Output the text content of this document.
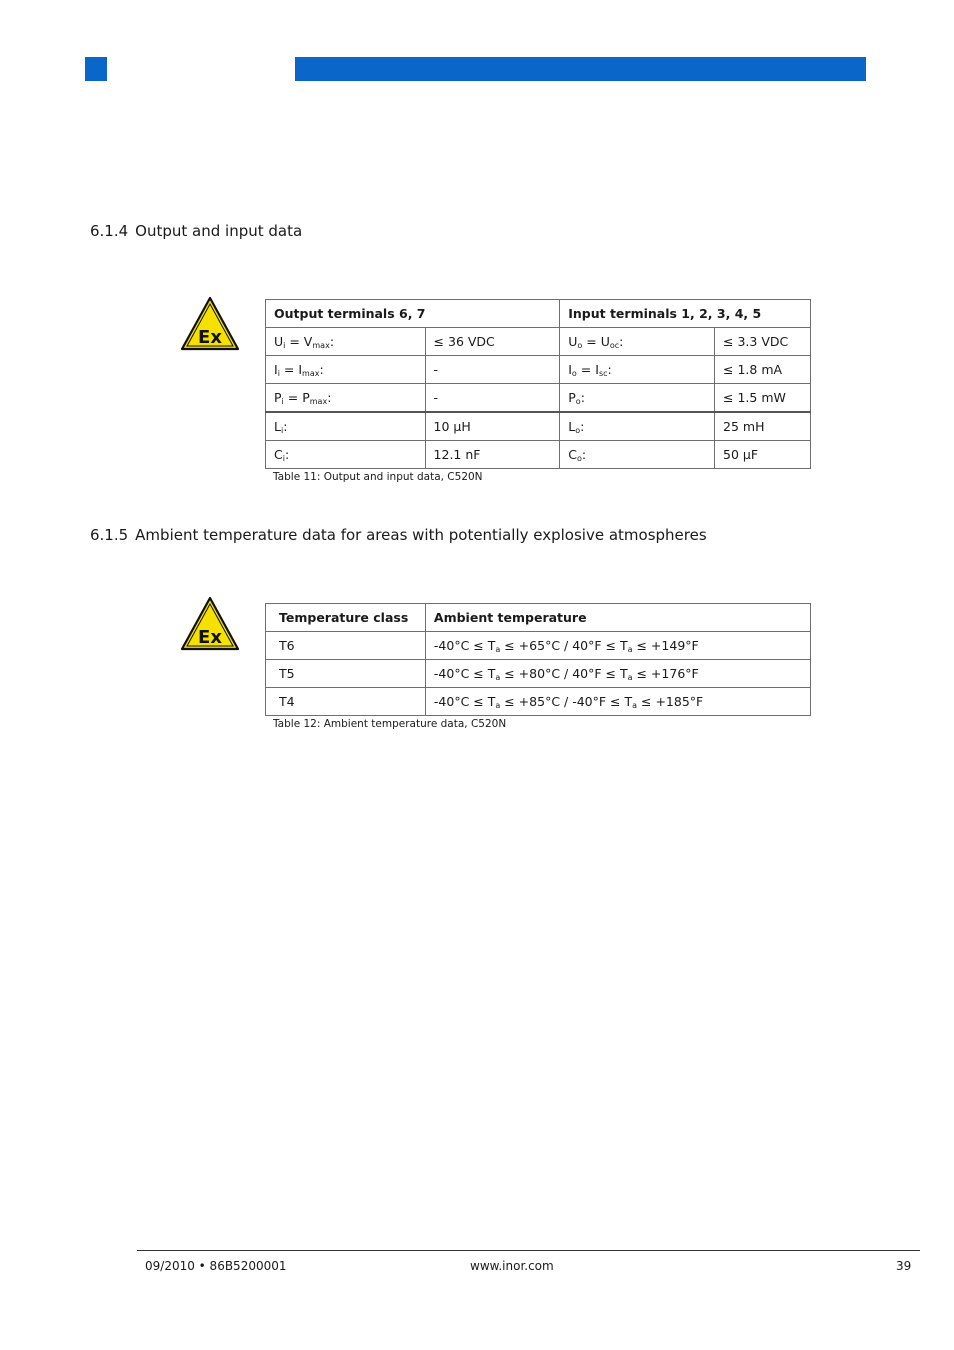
6.1.4 Output and input data
Ex
Output terminals 6, 7		Input terminals 1, 2, 3, 4, 5	
$U_i = V_{max}$:	≤ 36 VDC	$U_o = U_{oc}$:	≤ 3.3 VDC
$I_i = I_{max}$:	-	$I_o = I_{sc}$:	≤ 1.8 mA
$P_i = P_{max}$:	-	$P_o$:	≤ 1.5 mW
$L_i$:	10 µH	$L_o$:	25 mH
$C_i$:	12.1 nF	$C_o$:	50 µF
Table 11: Output and input data, C520N
6.1.5 Ambient temperature data for areas with potentially explosive atmospheres
Ex
Temperature class	Ambient temperature
T6	$-40^\circ C \le T_a \le +65^\circ C / 40^\circ F \le T_a \le +149^\circ F$
T5	$-40^\circ C \le T_a \le +80^\circ C / 40^\circ F \le T_a \le +176^\circ F$
T4	$-40^\circ C \le T_a \le +85^\circ C / -40^\circ F \le T_a \le +185^\circ F$
Table 12: Ambient temperature data, C520N
09/2010 • 86B5200001	www.inor.com	39
